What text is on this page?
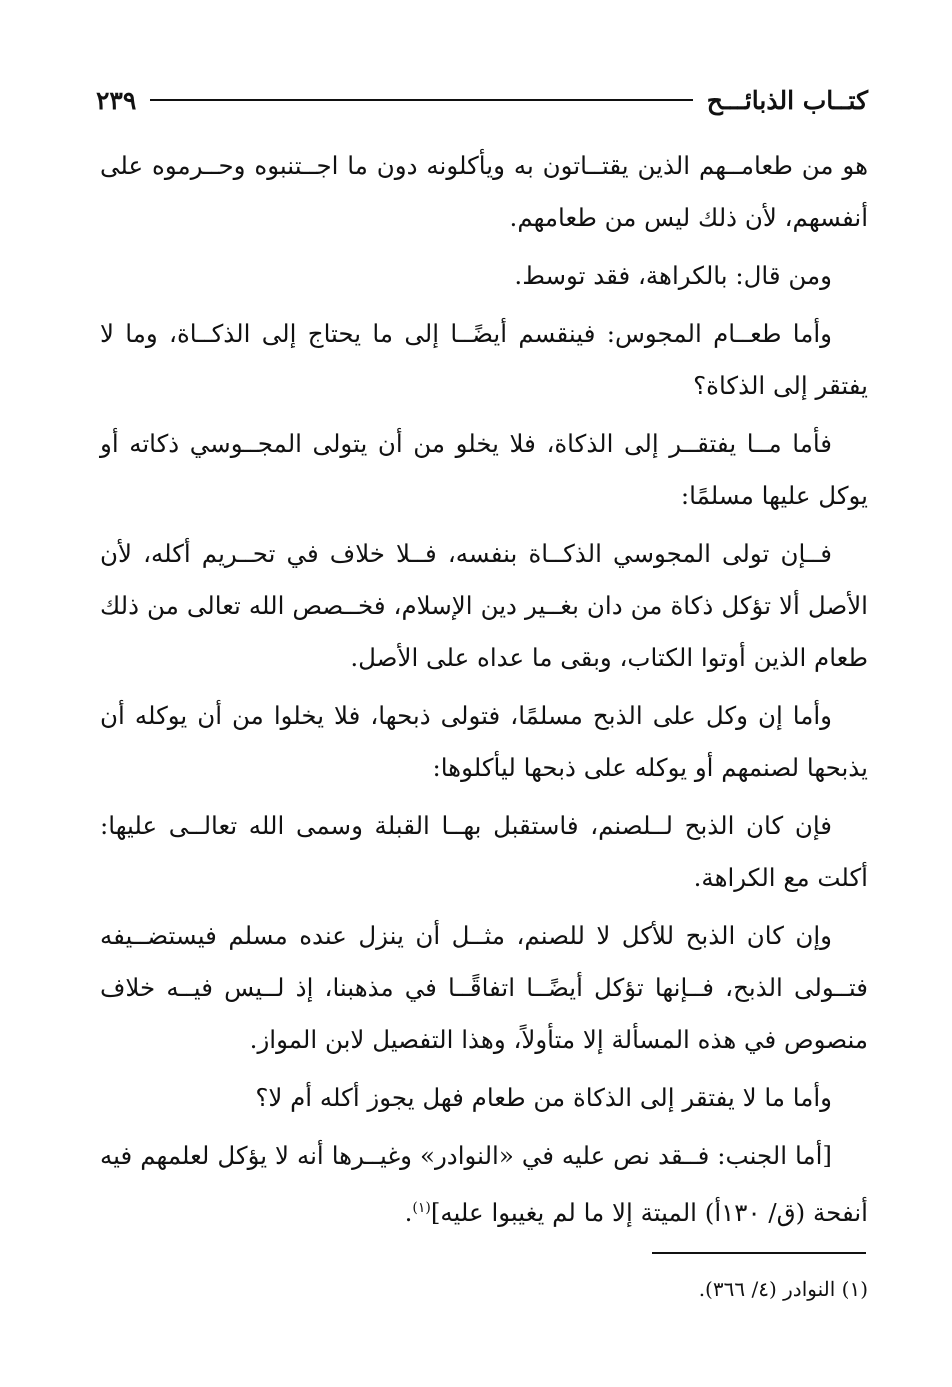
كتــاب الذبائـــح
٢٣٩

هو من طعامــهم الذين يقتــاتون به ويأكلونه دون ما اجــتنبوه وحــرموه على أنفسهم، لأن ذلك ليس من طعامهم.

ومن قال: بالكراهة، فقد توسط.

وأما طعــام المجوس: فينقسم أيضًــا إلى ما يحتاج إلى الذكــاة، وما لا يفتقر إلى الذكاة؟

فأما مــا يفتقــر إلى الذكاة، فلا يخلو من أن يتولى المجــوسي ذكاته أو يوكل عليها مسلمًا:

فــإن تولى المجوسي الذكــاة بنفسه، فــلا خلاف في تحــريم أكله، لأن الأصل ألا تؤكل ذكاة من دان بغــير دين الإسلام، فخــصص الله تعالى من ذلك طعام الذين أوتوا الكتاب، وبقى ما عداه على الأصل.

وأما إن وكل على الذبح مسلمًا، فتولى ذبحها، فلا يخلوا من أن يوكله أن يذبحها لصنمهم أو يوكله على ذبحها ليأكلوها:

فإن كان الذبح لــلصنم، فاستقبل بهــا القبلة وسمى الله تعالــى عليها: أكلت مع الكراهة.

وإن كان الذبح للأكل لا للصنم، مثــل أن ينزل عنده مسلم فيستضــيفه فتــولى الذبح، فــإنها تؤكل أيضًــا اتفاقًــا في مذهبنا، إذ لــيس فيــه خلاف منصوص في هذه المسألة إلا متأولاً، وهذا التفصيل لابن المواز.

وأما ما لا يفتقر إلى الذكاة من طعام فهل يجوز أكله أم لا؟

[أما الجنب: فــقد نص عليه في «النوادر» وغيــرها أنه لا يؤكل لعلمهم فيه أنفحة (ق/ ١٣٠أ) الميتة إلا ما لم يغيبوا عليه]$^{(١)}$.

(١) النوادر (٤/ ٣٦٦).
